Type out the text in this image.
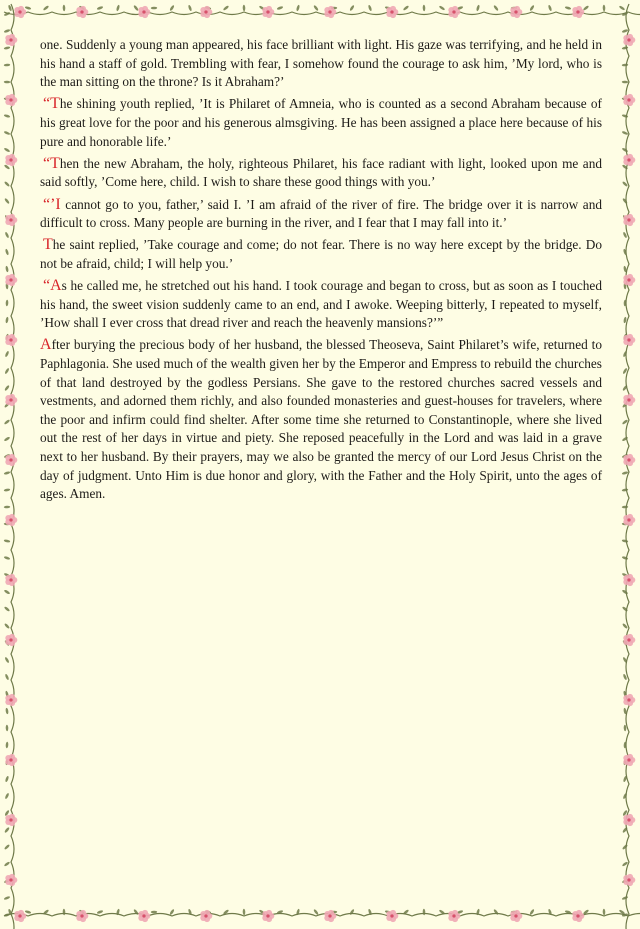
one. Suddenly a young man appeared, his face brilliant with light. His gaze was terrifying, and he held in his hand a staff of gold. Trembling with fear, I somehow found the courage to ask him, ’My lord, who is the man sitting on the throne? Is it Abraham?’

“The shining youth replied, ’It is Philaret of Amneia, who is counted as a second Abraham because of his great love for the poor and his generous almsgiving. He has been assigned a place here because of his pure and honorable life.’

“Then the new Abraham, the holy, righteous Philaret, his face radiant with light, looked upon me and said softly, ’Come here, child. I wish to share these good things with you.’

“’I cannot go to you, father,’ said I. ’I am afraid of the river of fire. The bridge over it is narrow and difficult to cross. Many people are burning in the river, and I fear that I may fall into it.’

The saint replied, ’Take courage and come; do not fear. There is no way here except by the bridge. Do not be afraid, child; I will help you.’

“As he called me, he stretched out his hand. I took courage and began to cross, but as soon as I touched his hand, the sweet vision suddenly came to an end, and I awoke. Weeping bitterly, I repeated to myself, ’How shall I ever cross that dread river and reach the heavenly mansions?’”

After burying the precious body of her husband, the blessed Theoseva, Saint Philaret’s wife, returned to Paphlagonia. She used much of the wealth given her by the Emperor and Empress to rebuild the churches of that land destroyed by the godless Persians. She gave to the restored churches sacred vessels and vestments, and adorned them richly, and also founded monasteries and guest-houses for travelers, where the poor and infirm could find shelter. After some time she returned to Constantinople, where she lived out the rest of her days in virtue and piety. She reposed peacefully in the Lord and was laid in a grave next to her husband. By their prayers, may we also be granted the mercy of our Lord Jesus Christ on the day of judgment. Unto Him is due honor and glory, with the Father and the Holy Spirit, unto the ages of ages. Amen.
